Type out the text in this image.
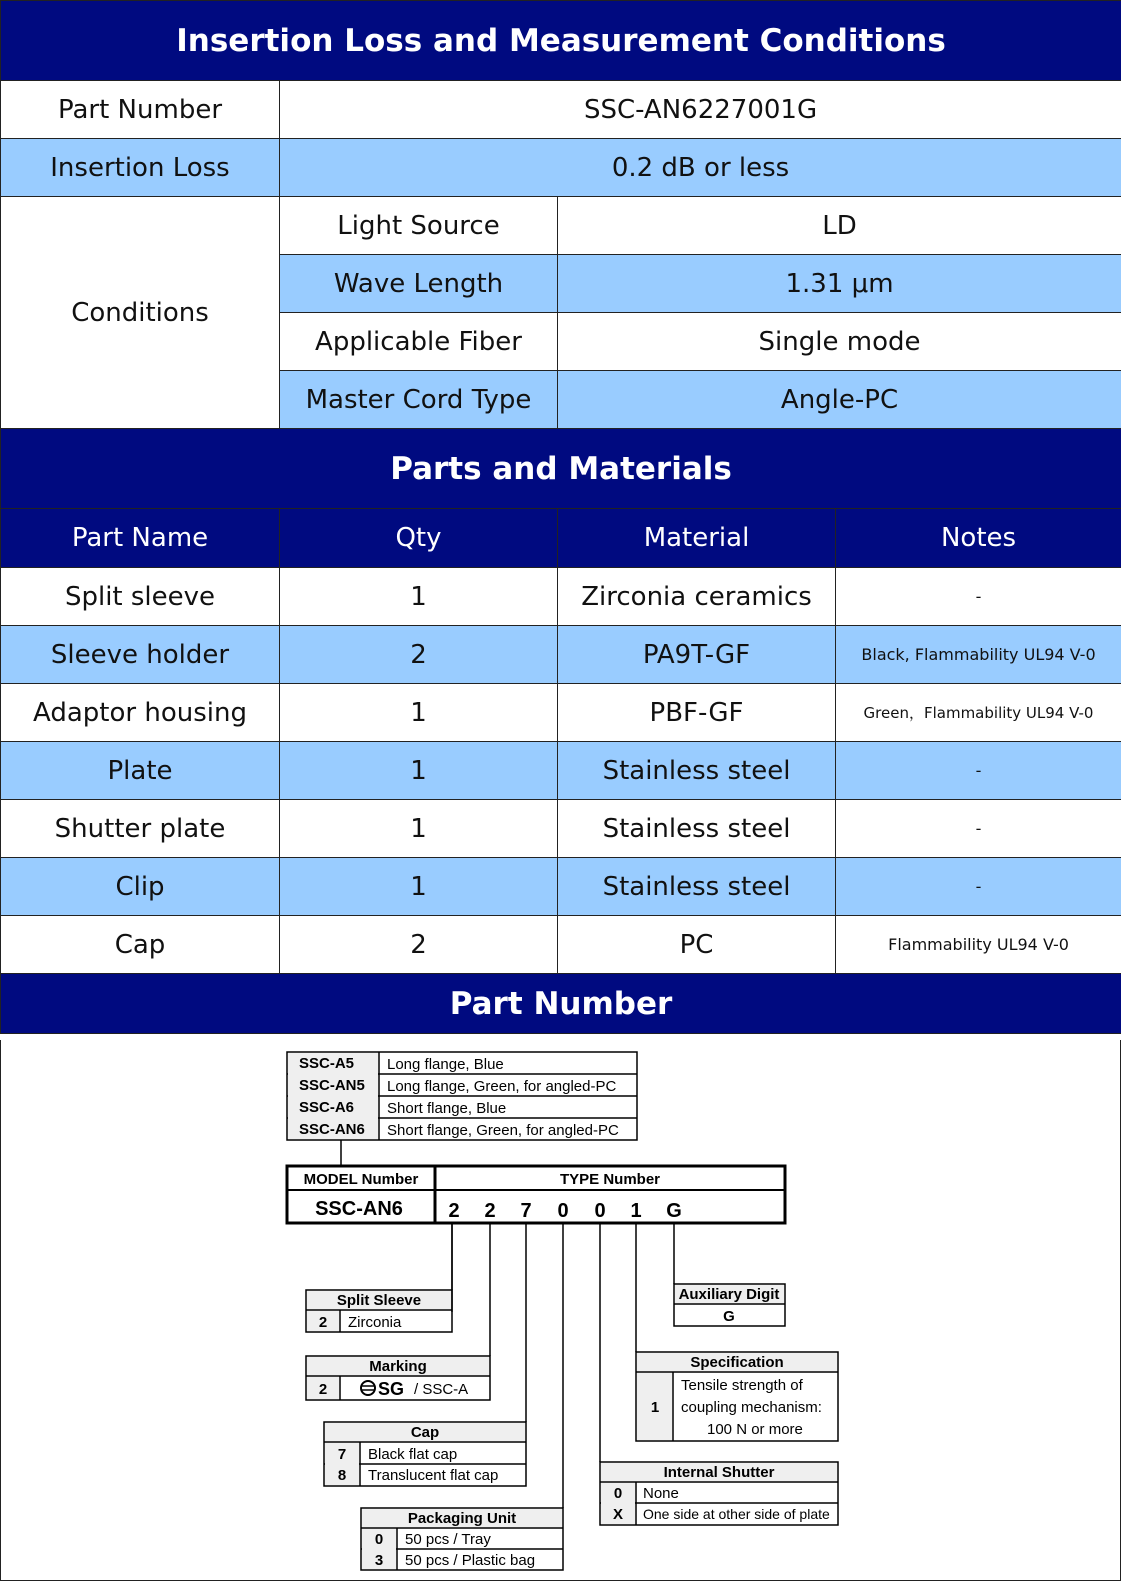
Insertion Loss and Measurement Conditions			
Part Number	SSC-AN6227001G		
Insertion Loss	0.2 dB or less		
Conditions	Light Source	LD	
	Wave Length	1.31 μm	
	Applicable Fiber	Single mode	
	Master Cord Type	Angle-PC	
Parts and Materials			
Part Name	Qty	Material	Notes
Split sleeve	1	Zirconia ceramics	-
Sleeve holder	2	PA9T-GF	Black, Flammability UL94 V-0
Adaptor housing	1	PBF-GF	Green，Flammability UL94 V-0
Plate	1	Stainless steel	-
Shutter plate	1	Stainless steel	-
Clip	1	Stainless steel	-
Cap	2	PC	Flammability UL94 V-0
Part Number			
SSC-A5 Long flange, Blue
SSC-AN5 Long flange, Green, for angled-PC
SSC-A6 Short flange, Blue
SSC-AN6 Short flange, Green, for angled-PC
MODEL Number	TYPE Number
SSC-AN6 2 2 7 0 0 1 G
Split Sleeve
2 Zirconia
Marking
2	SG / SSC-A
Cap
7 Black flat cap
8 Translucent flat cap
Packaging Unit
0 50 pcs / Tray
3 50 pcs / Plastic bag
Auxiliary Digit
G
Specification
1
Tensile strength of
coupling mechanism:
100 N or more
Internal Shutter
0 None
X One side at other side of plate
